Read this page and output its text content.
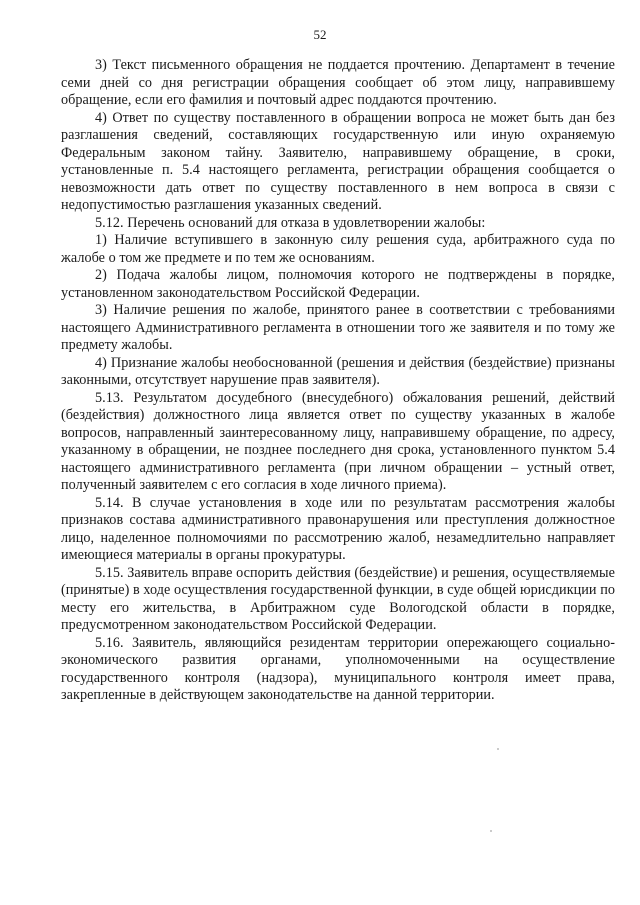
52

3) Текст письменного обращения не поддается прочтению. Департамент в течение семи дней со дня регистрации обращения сообщает об этом лицу, направившему обращение, если его фамилия и почтовый адрес поддаются прочтению.

4) Ответ по существу поставленного в обращении вопроса не может быть дан без разглашения сведений, составляющих государственную или иную охраняемую Федеральным законом тайну. Заявителю, направившему обращение, в сроки, установленные п. 5.4 настоящего регламента, регистрации обращения сообщается о невозможности дать ответ по существу поставленного в нем вопроса в связи с недопустимостью разглашения указанных сведений.

5.12. Перечень оснований для отказа в удовлетворении жалобы:

1) Наличие вступившего в законную силу решения суда, арбитражного суда по жалобе о том же предмете и по тем же основаниям.

2) Подача жалобы лицом, полномочия которого не подтверждены в порядке, установленном законодательством Российской Федерации.

3) Наличие решения по жалобе, принятого ранее в соответствии с требованиями настоящего Административного регламента в отношении того же заявителя и по тому же предмету жалобы.

4) Признание жалобы необоснованной (решения и действия (бездействие) признаны законными, отсутствует нарушение прав заявителя).

5.13. Результатом досудебного (внесудебного) обжалования решений, действий (бездействия) должностного лица является ответ по существу указанных в жалобе вопросов, направленный заинтересованному лицу, направившему обращение, по адресу, указанному в обращении, не позднее последнего дня срока, установленного пунктом 5.4 настоящего административного регламента (при личном обращении – устный ответ, полученный заявителем с его согласия в ходе личного приема).

5.14. В случае установления в ходе или по результатам рассмотрения жалобы признаков состава административного правонарушения или преступления должностное лицо, наделенное полномочиями по рассмотрению жалоб, незамедлительно направляет имеющиеся материалы в органы прокуратуры.

5.15. Заявитель вправе оспорить действия (бездействие) и решения, осуществляемые (принятые) в ходе осуществления государственной функции, в суде общей юрисдикции по месту его жительства, в Арбитражном суде Вологодской области в порядке, предусмотренном законодательством Российской Федерации.

5.16. Заявитель, являющийся резидентам территории опережающего социально-экономического развития органами, уполномоченными на осуществление государственного контроля (надзора), муниципального контроля имеет права, закрепленные в действующем законодательстве на данной территории.
